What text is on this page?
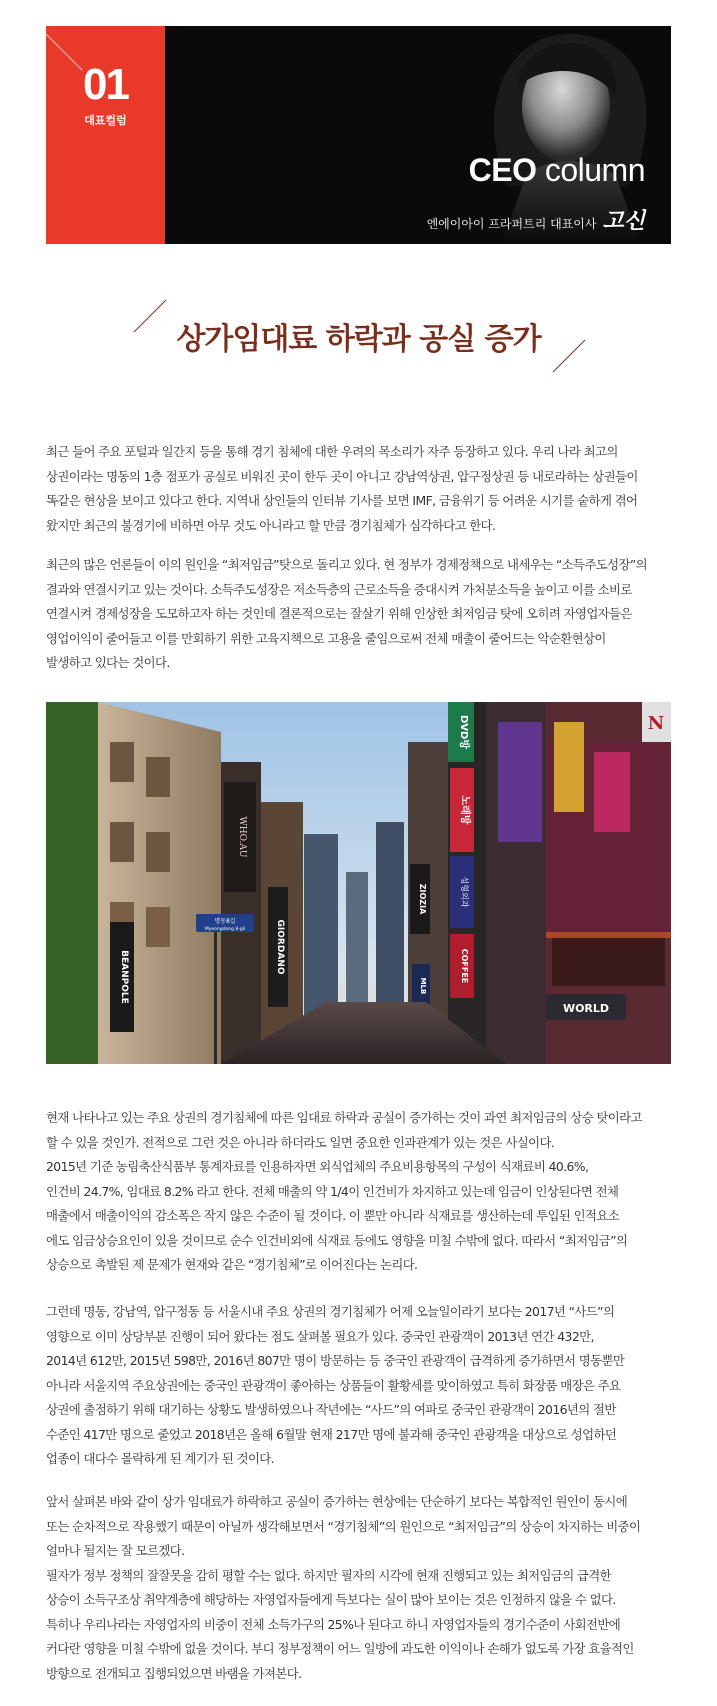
01
대표컬럼
CEO column
엔에이아이 프라퍼트리 대표이사 고신
상가임대료 하락과 공실 증가
최근 들어 주요 포털과 일간지 등을 통해 경기 침체에 대한 우려의 목소리가 자주 등장하고 있다. 우리 나라 최고의
상권이라는 명동의 1층 점포가 공실로 비워진 곳이 한두 곳이 아니고 강남역상권, 압구정상권 등 내로라하는 상권들이
똑같은 현상을 보이고 있다고 한다. 지역내 상인들의 인터뷰 기사를 보면 IMF, 금융위기 등 어려운 시기를 숱하게 겪어
왔지만 최근의 불경기에 비하면 아무 것도 아니라고 할 만큼 경기침체가 심각하다고 한다.
최근의 많은 언론들이 이의 원인을 “최저임금”탓으로 돌리고 있다. 현 정부가 경제정책으로 내세우는 “소득주도성장”의
결과와 연결시키고 있는 것이다. 소득주도성장은 저소득층의 근로소득을 증대시켜 가처분소득을 높이고 이를 소비로
연결시켜 경제성장을 도모하고자 하는 것인데 결론적으로는 잘살기 위해 인상한 최저임금 탓에 오히려 자영업자들은
영업이익이 줄어들고 이를 만회하기 위한 고육지책으로 고용을 줄임으로써 전체 매출이 줄어드는 악순환현상이
발생하고 있다는 것이다.
BEANPOLE
WHO.AU
GIORDANO
명동8길
Myeongdong 8-gil
DVD방
노래방
성형외과
ZIOZIA
COFFEE
MLB
N
WORLD
현재 나타나고 있는 주요 상권의 경기침체에 따른 임대료 하락과 공실이 증가하는 것이 과연 최저임금의 상승 탓이라고
할 수 있을 것인가. 전적으로 그런 것은 아니라 하더라도 일면 중요한 인과관계가 있는 것은 사실이다.
2015년 기준 농림축산식품부 통계자료를 인용하자면 외식업체의 주요비용항목의 구성이 식재료비 40.6%,
인건비 24.7%, 임대료 8.2% 라고 한다. 전체 매출의 약 1/4이 인건비가 차지하고 있는데 임금이 인상된다면 전체
매출에서 매출이익의 감소폭은 작지 않은 수준이 될 것이다. 이 뿐만 아니라 식재료를 생산하는데 투입된 인적요소
에도 임금상승요인이 있을 것이므로 순수 인건비외에 식재료 등에도 영향을 미칠 수밖에 없다. 따라서 “최저임금”의
상승으로 촉발된 제 문제가 현재와 같은 “경기침체”로 이어진다는 논리다.
그런데 명동, 강남역, 압구정동 등 서울시내 주요 상권의 경기침체가 어제 오늘일이라기 보다는 2017년 “사드”의
영향으로 이미 상당부분 진행이 되어 왔다는 점도 살펴볼 필요가 있다. 중국인 관광객이 2013년 연간 432만,
2014년 612만, 2015년 598만, 2016년 807만 명이 방문하는 등 중국인 관광객이 급격하게 증가하면서 명동뿐만
아니라 서울지역 주요상권에는 중국인 관광객이 좋아하는 상품들이 활황세를 맞이하였고 특히 화장품 매장은 주요
상권에 출점하기 위해 대기하는 상황도 발생하였으나 작년에는 “사드”의 여파로 중국인 관광객이 2016년의 절반
수준인 417만 명으로 줄었고 2018년은 올해 6월말 현재 217만 명에 불과해 중국인 관광객을 대상으로 성업하던
업종이 대다수 몰락하게 된 계기가 된 것이다.
앞서 살펴본 바와 같이 상가 임대료가 하락하고 공실이 증가하는 현상에는 단순하기 보다는 복합적인 원인이 동시에
또는 순차적으로 작용했기 때문이 아닐까 생각해보면서 “경기침체”의 원인으로 “최저임금”의 상승이 차지하는 비중이
얼마나 될지는 잘 모르겠다.
필자가 정부 정책의 잘잘못을 감히 평할 수는 없다. 하지만 필자의 시각에 현재 진행되고 있는 최저임금의 급격한
상승이 소득구조상 취약계층에 해당하는 자영업자들에게 득보다는 실이 많아 보이는 것은 인정하지 않을 수 없다.
특히나 우리나라는 자영업자의 비중이 전체 소득가구의 25%나 된다고 하니 자영업자들의 경기수준이 사회전반에
커다란 영향을 미칠 수밖에 없을 것이다. 부디 정부정책이 어느 일방에 과도한 이익이나 손해가 없도록 가장 효율적인
방향으로 전개되고 집행되었으면 바램을 가져본다.
